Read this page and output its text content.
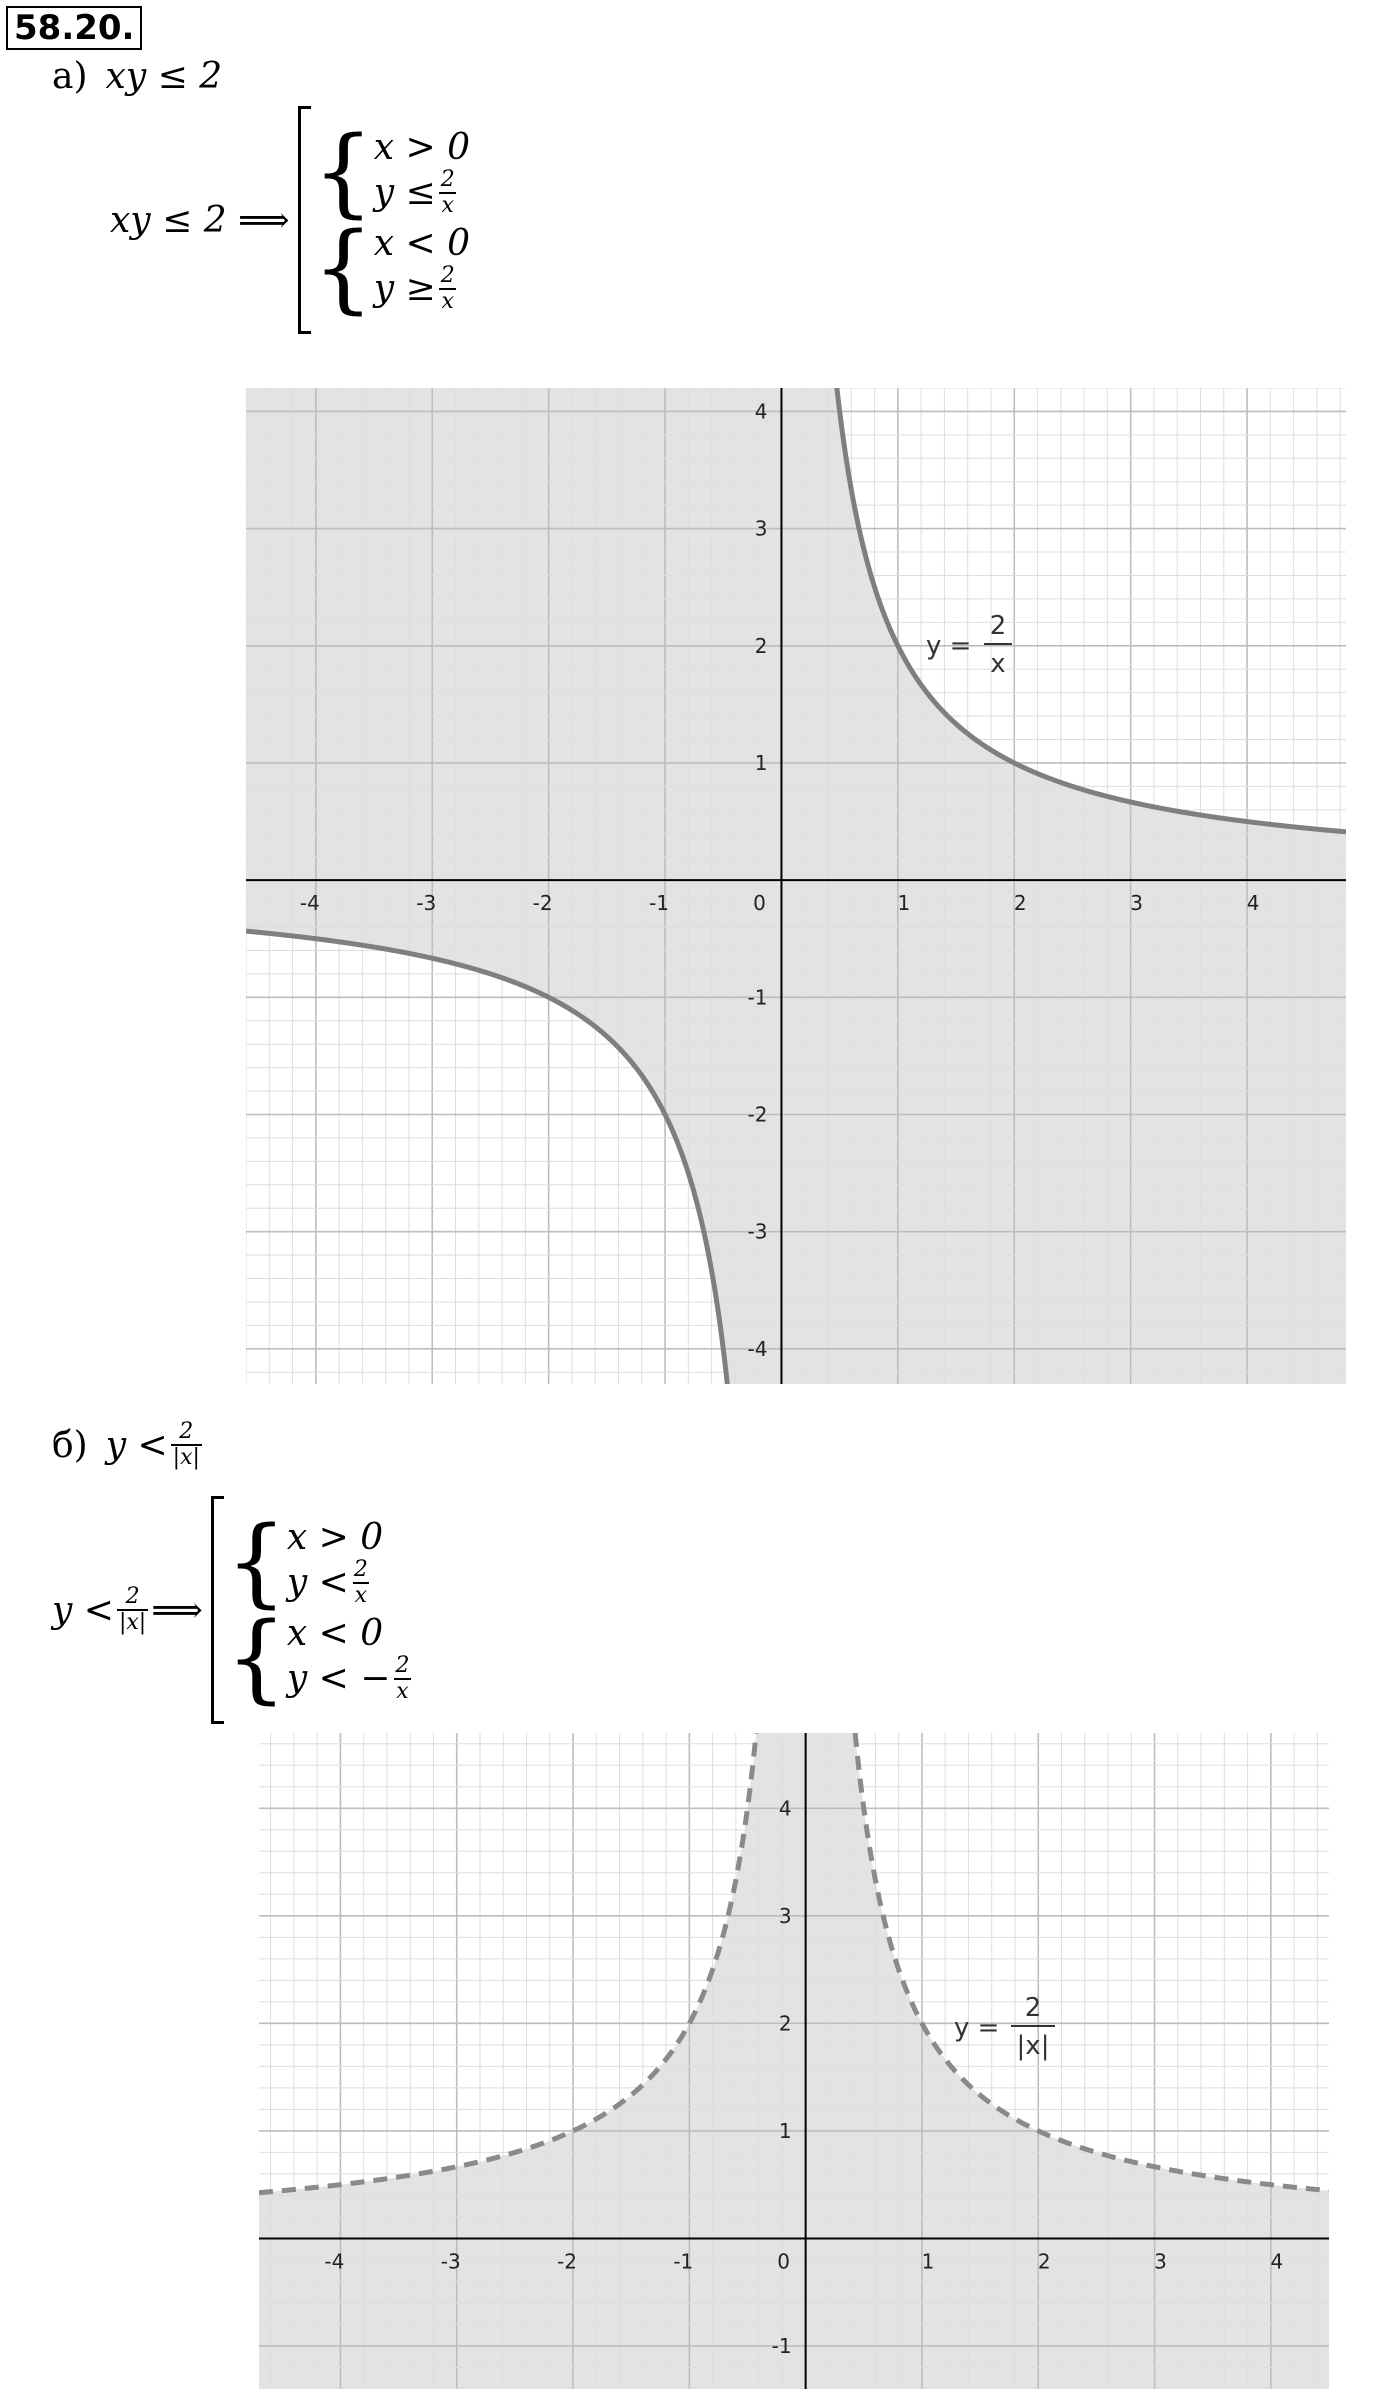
58.20.
а) xy ≤ 2
xy ≤ 2 ⟹ { x > 0
$y \le \frac{2}{x}$
{ x < 0
$y \ge \frac{2}{x}$
-4	-3	-2	-1	0	1	2	3	4
-4
-3
-2
-1
1
2
3
4
y =
2
x
б) $y < \frac{2}{|x|}$
$y < \frac{2}{|x|}$ ⟹ { x > 0
$y < \frac{2}{x}$
{ x < 0
y < − $\frac{2}{x}$
-4	-3	-2	-1	0	1	2	3	4
-1
1
2
3
4
y =
2
|x|
